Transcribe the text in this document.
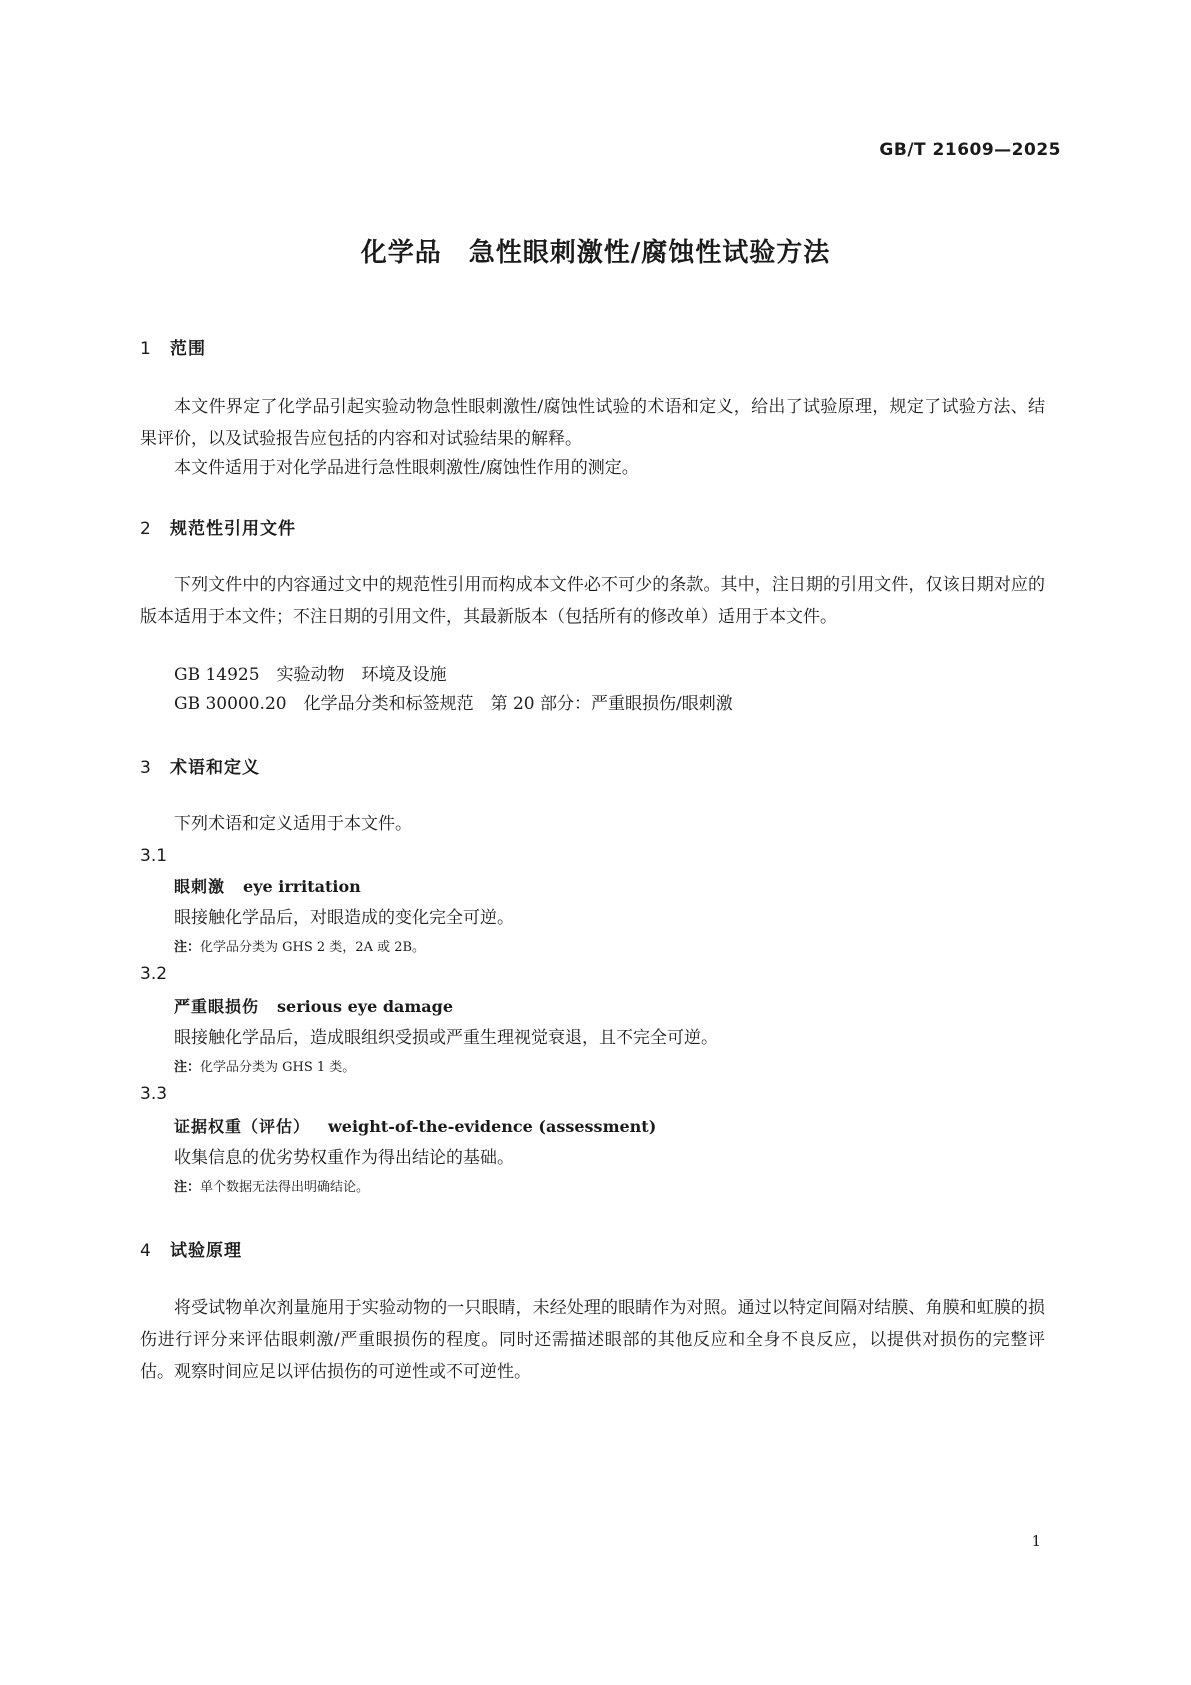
GB/T 21609—2025
化学品　急性眼刺激性/腐蚀性试验方法
1 范围
本文件界定了化学品引起实验动物急性眼刺激性/腐蚀性试验的术语和定义，给出了试验原理，规定了试验方法、结果评价，以及试验报告应包括的内容和对试验结果的解释。
本文件适用于对化学品进行急性眼刺激性/腐蚀性作用的测定。
2 规范性引用文件
下列文件中的内容通过文中的规范性引用而构成本文件必不可少的条款。其中，注日期的引用文件，仅该日期对应的版本适用于本文件；不注日期的引用文件，其最新版本（包括所有的修改单）适用于本文件。
GB 14925　实验动物　环境及设施
GB 30000.20　化学品分类和标签规范　第 20 部分：严重眼损伤/眼刺激
3 术语和定义
下列术语和定义适用于本文件。
3.1
眼刺激 eye irritation
眼接触化学品后，对眼造成的变化完全可逆。
注：化学品分类为 GHS 2 类，2A 或 2B。
3.2
严重眼损伤 serious eye damage
眼接触化学品后，造成眼组织受损或严重生理视觉衰退，且不完全可逆。
注：化学品分类为 GHS 1 类。
3.3
证据权重（评估） weight-of-the-evidence (assessment)
收集信息的优劣势权重作为得出结论的基础。
注：单个数据无法得出明确结论。
4 试验原理
将受试物单次剂量施用于实验动物的一只眼睛，未经处理的眼睛作为对照。通过以特定间隔对结膜、角膜和虹膜的损伤进行评分来评估眼刺激/严重眼损伤的程度。同时还需描述眼部的其他反应和全身不良反应，以提供对损伤的完整评估。观察时间应足以评估损伤的可逆性或不可逆性。
1
